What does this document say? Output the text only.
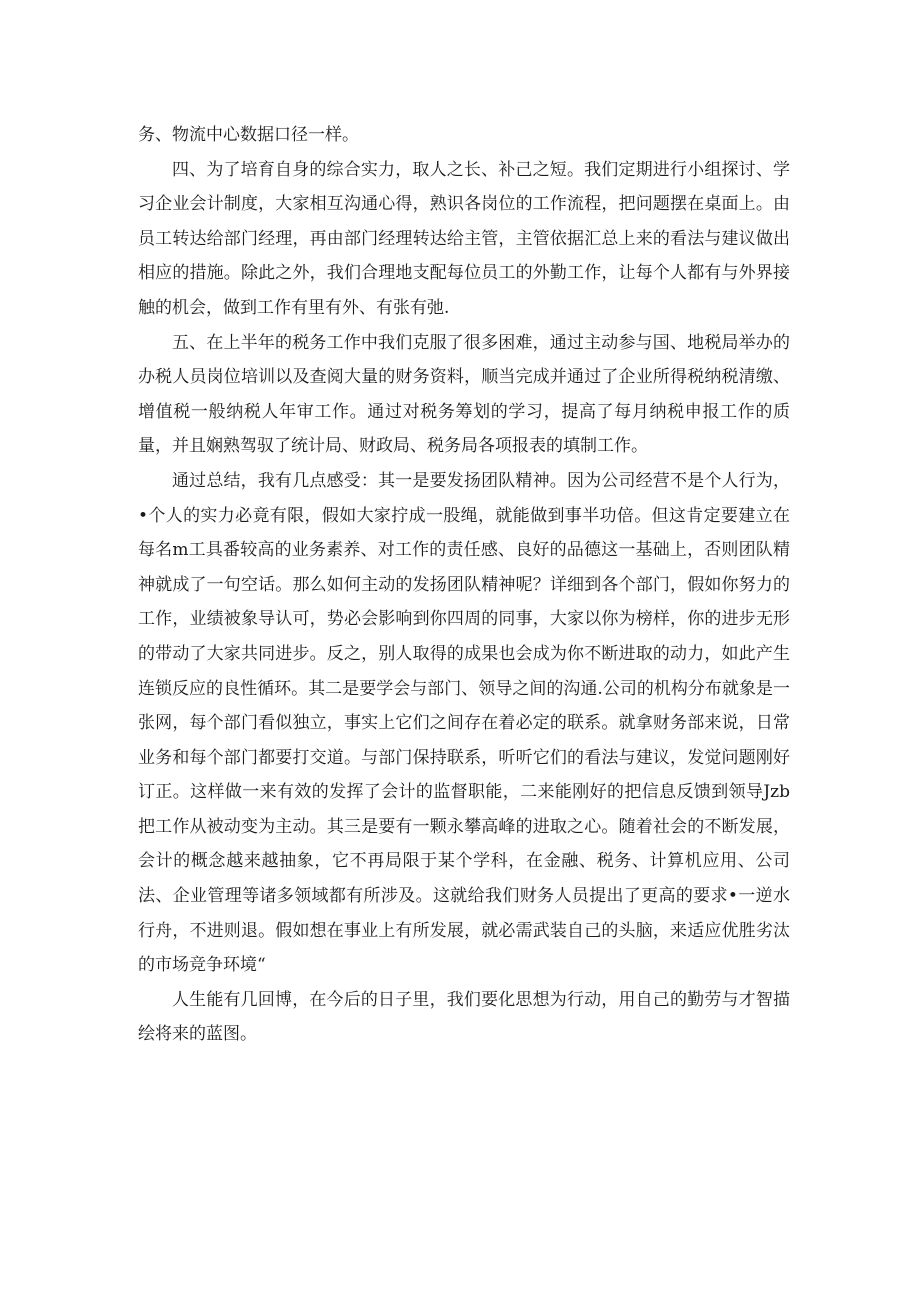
务、物流中心数据口径一样。

四、为了培育自身的综合实力，取人之长、补己之短。我们定期进行小组探讨、学习企业会计制度，大家相互沟通心得，熟识各岗位的工作流程，把问题摆在桌面上。由员工转达给部门经理，再由部门经理转达给主管，主管依据汇总上来的看法与建议做出相应的措施。除此之外，我们合理地支配每位员工的外勤工作，让每个人都有与外界接触的机会，做到工作有里有外、有张有弛.

五、在上半年的税务工作中我们克服了很多困难，通过主动参与国、地税局举办的办税人员岗位培训以及查阅大量的财务资料，顺当完成并通过了企业所得税纳税清缴、增值税一般纳税人年审工作。通过对税务筹划的学习，提高了每月纳税申报工作的质量，并且娴熟驾驭了统计局、财政局、税务局各项报表的填制工作。

通过总结，我有几点感受：其一是要发扬团队精神。因为公司经营不是个人行为，•个人的实力必竟有限，假如大家拧成一股绳，就能做到事半功倍。但这肯定要建立在每名m工具番较高的业务素养、对工作的责任感、良好的品德这一基础上，否则团队精神就成了一句空话。那么如何主动的发扬团队精神呢？详细到各个部门，假如你努力的工作，业绩被象导认可，势必会影响到你四周的同事，大家以你为榜样，你的进步无形的带动了大家共同进步。反之，别人取得的成果也会成为你不断进取的动力，如此产生连锁反应的良性循环。其二是要学会与部门、领导之间的沟通.公司的机构分布就象是一张网，每个部门看似独立，事实上它们之间存在着必定的联系。就拿财务部来说，日常业务和每个部门都要打交道。与部门保持联系，听听它们的看法与建议，发觉问题刚好订正。这样做一来有效的发挥了会计的监督职能，二来能刚好的把信息反馈到领导Jzb把工作从被动变为主动。其三是要有一颗永攀高峰的进取之心。随着社会的不断发展，会计的概念越来越抽象，它不再局限于某个学科，在金融、税务、计算机应用、公司法、企业管理等诸多领域都有所涉及。这就给我们财务人员提出了更高的要求•一逆水行舟，不进则退。假如想在事业上有所发展，就必需武装自己的头脑，来适应优胜劣汰的市场竞争环境“

人生能有几回博，在今后的日子里，我们要化思想为行动，用自己的勤劳与才智描绘将来的蓝图。
